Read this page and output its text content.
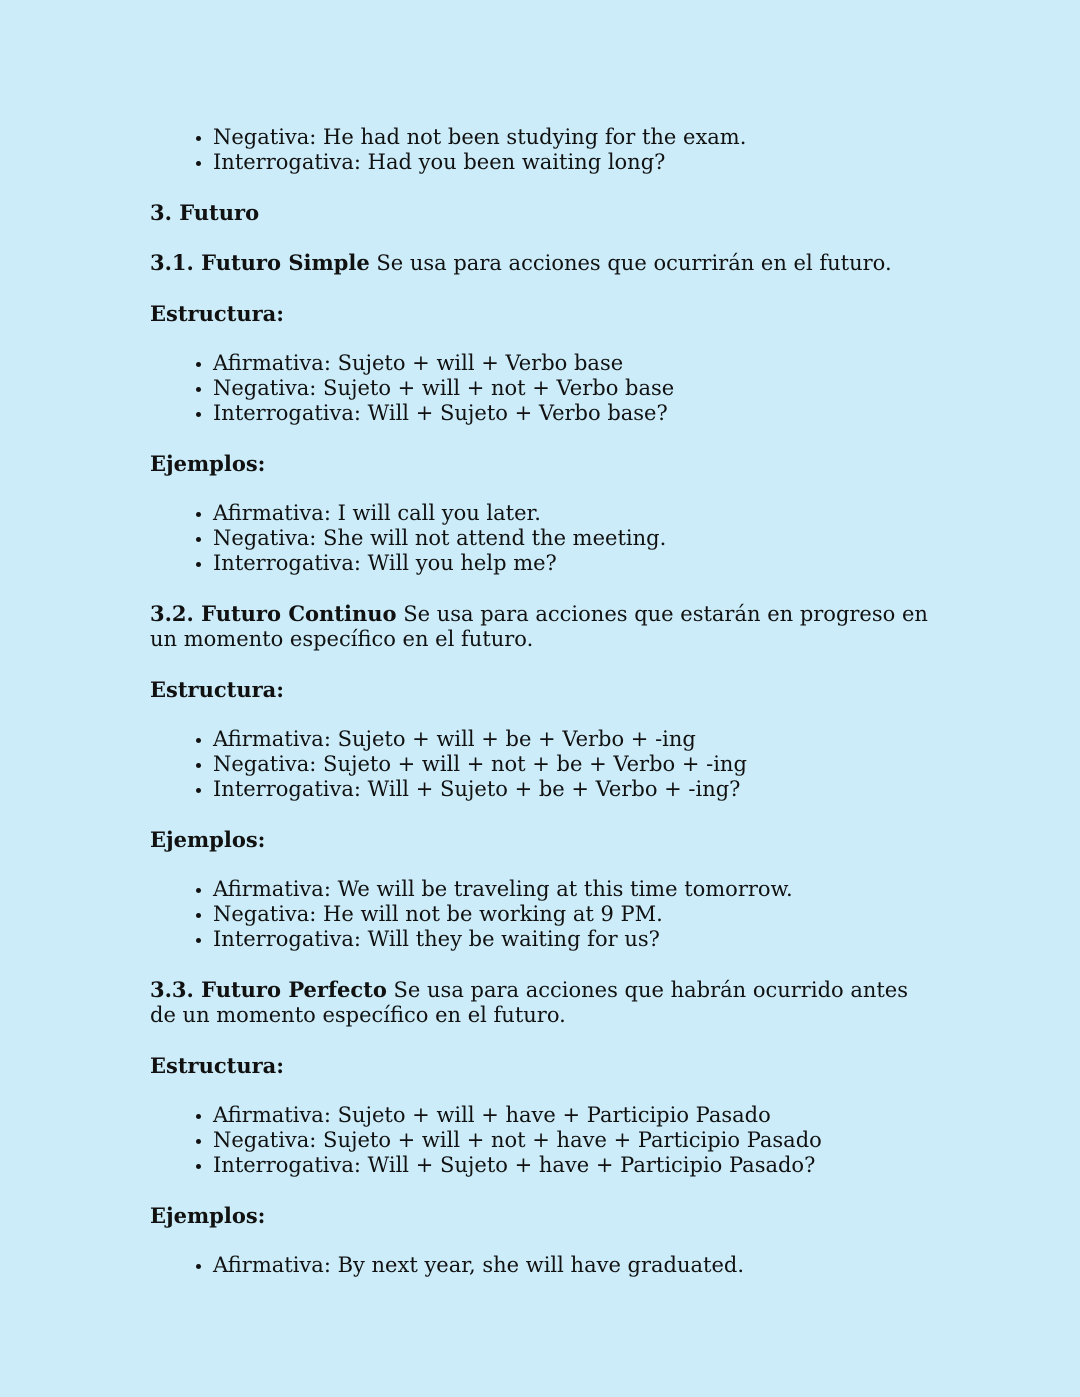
• Negativa: He had not been studying for the exam.
• Interrogativa: Had you been waiting long?

3. Futuro

3.1. Futuro Simple Se usa para acciones que ocurrirán en el futuro.

Estructura:

• Afirmativa: Sujeto + will + Verbo base
• Negativa: Sujeto + will + not + Verbo base
• Interrogativa: Will + Sujeto + Verbo base?

Ejemplos:

• Afirmativa: I will call you later.
• Negativa: She will not attend the meeting.
• Interrogativa: Will you help me?

3.2. Futuro Continuo Se usa para acciones que estarán en progreso en un momento específico en el futuro.

Estructura:

• Afirmativa: Sujeto + will + be + Verbo + -ing
• Negativa: Sujeto + will + not + be + Verbo + -ing
• Interrogativa: Will + Sujeto + be + Verbo + -ing?

Ejemplos:

• Afirmativa: We will be traveling at this time tomorrow.
• Negativa: He will not be working at 9 PM.
• Interrogativa: Will they be waiting for us?

3.3. Futuro Perfecto Se usa para acciones que habrán ocurrido antes de un momento específico en el futuro.

Estructura:

• Afirmativa: Sujeto + will + have + Participio Pasado
• Negativa: Sujeto + will + not + have + Participio Pasado
• Interrogativa: Will + Sujeto + have + Participio Pasado?

Ejemplos:

• Afirmativa: By next year, she will have graduated.
